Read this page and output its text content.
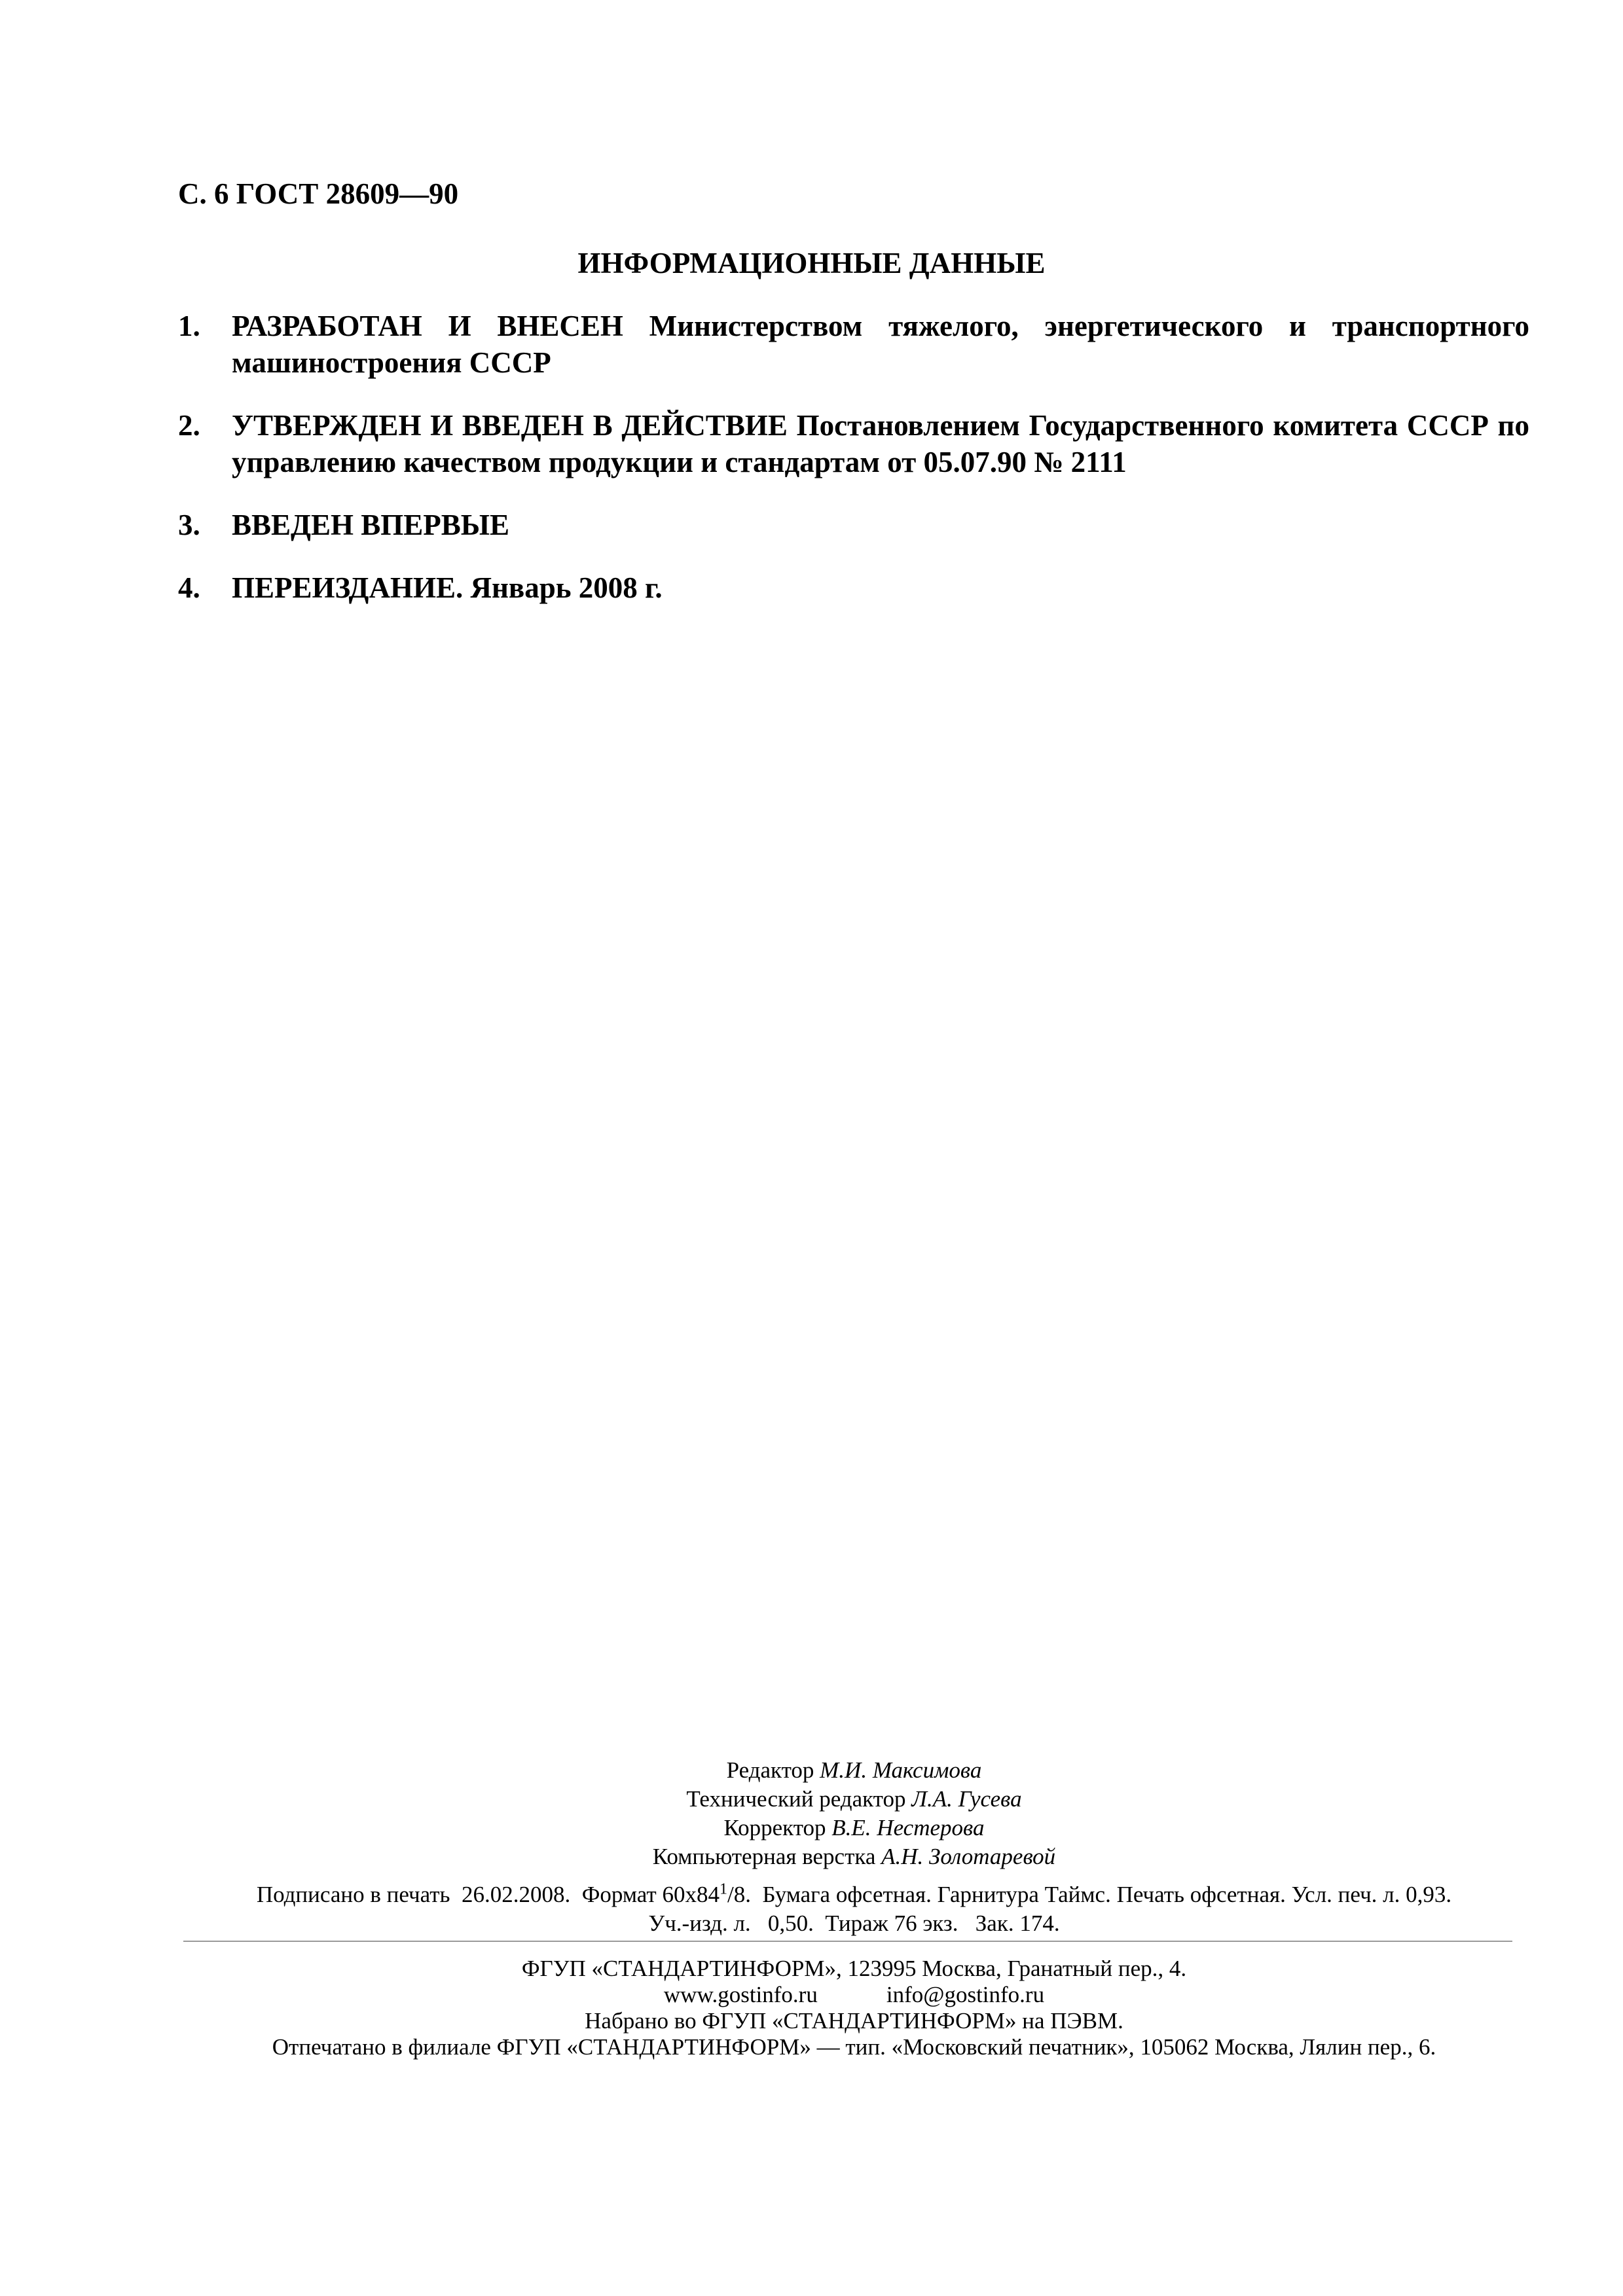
С. 6 ГОСТ 28609—90
ИНФОРМАЦИОННЫЕ ДАННЫЕ
1. РАЗРАБОТАН И ВНЕСЕН Министерством тяжелого, энергетического и транспортного машиностроения СССР
2. УТВЕРЖДЕН И ВВЕДЕН В ДЕЙСТВИЕ Постановлением Государственного комитета СССР по управлению качеством продукции и стандартам от 05.07.90 № 2111
3. ВВЕДЕН ВПЕРВЫЕ
4. ПЕРЕИЗДАНИЕ. Январь 2008 г.
Редактор М.И. Максимова
Технический редактор Л.А. Гусева
Корректор В.Е. Нестерова
Компьютерная верстка А.Н. Золотаревой
Подписано в печать  26.02.2008.  Формат $60х84^1/8$.  Бумага офсетная. Гарнитура Таймс. Печать офсетная. Усл. печ. л. 0,93.
Уч.-изд. л.   0,50.  Тираж 76 экз.   Зак. 174.
ФГУП «СТАНДАРТИНФОРМ», 123995 Москва, Гранатный пер., 4.
www.gostinfo.ru	info@gostinfo.ru
Набрано во ФГУП «СТАНДАРТИНФОРМ» на ПЭВМ.
Отпечатано в филиале ФГУП «СТАНДАРТИНФОРМ» — тип. «Московский печатник», 105062 Москва, Лялин пер., 6.
